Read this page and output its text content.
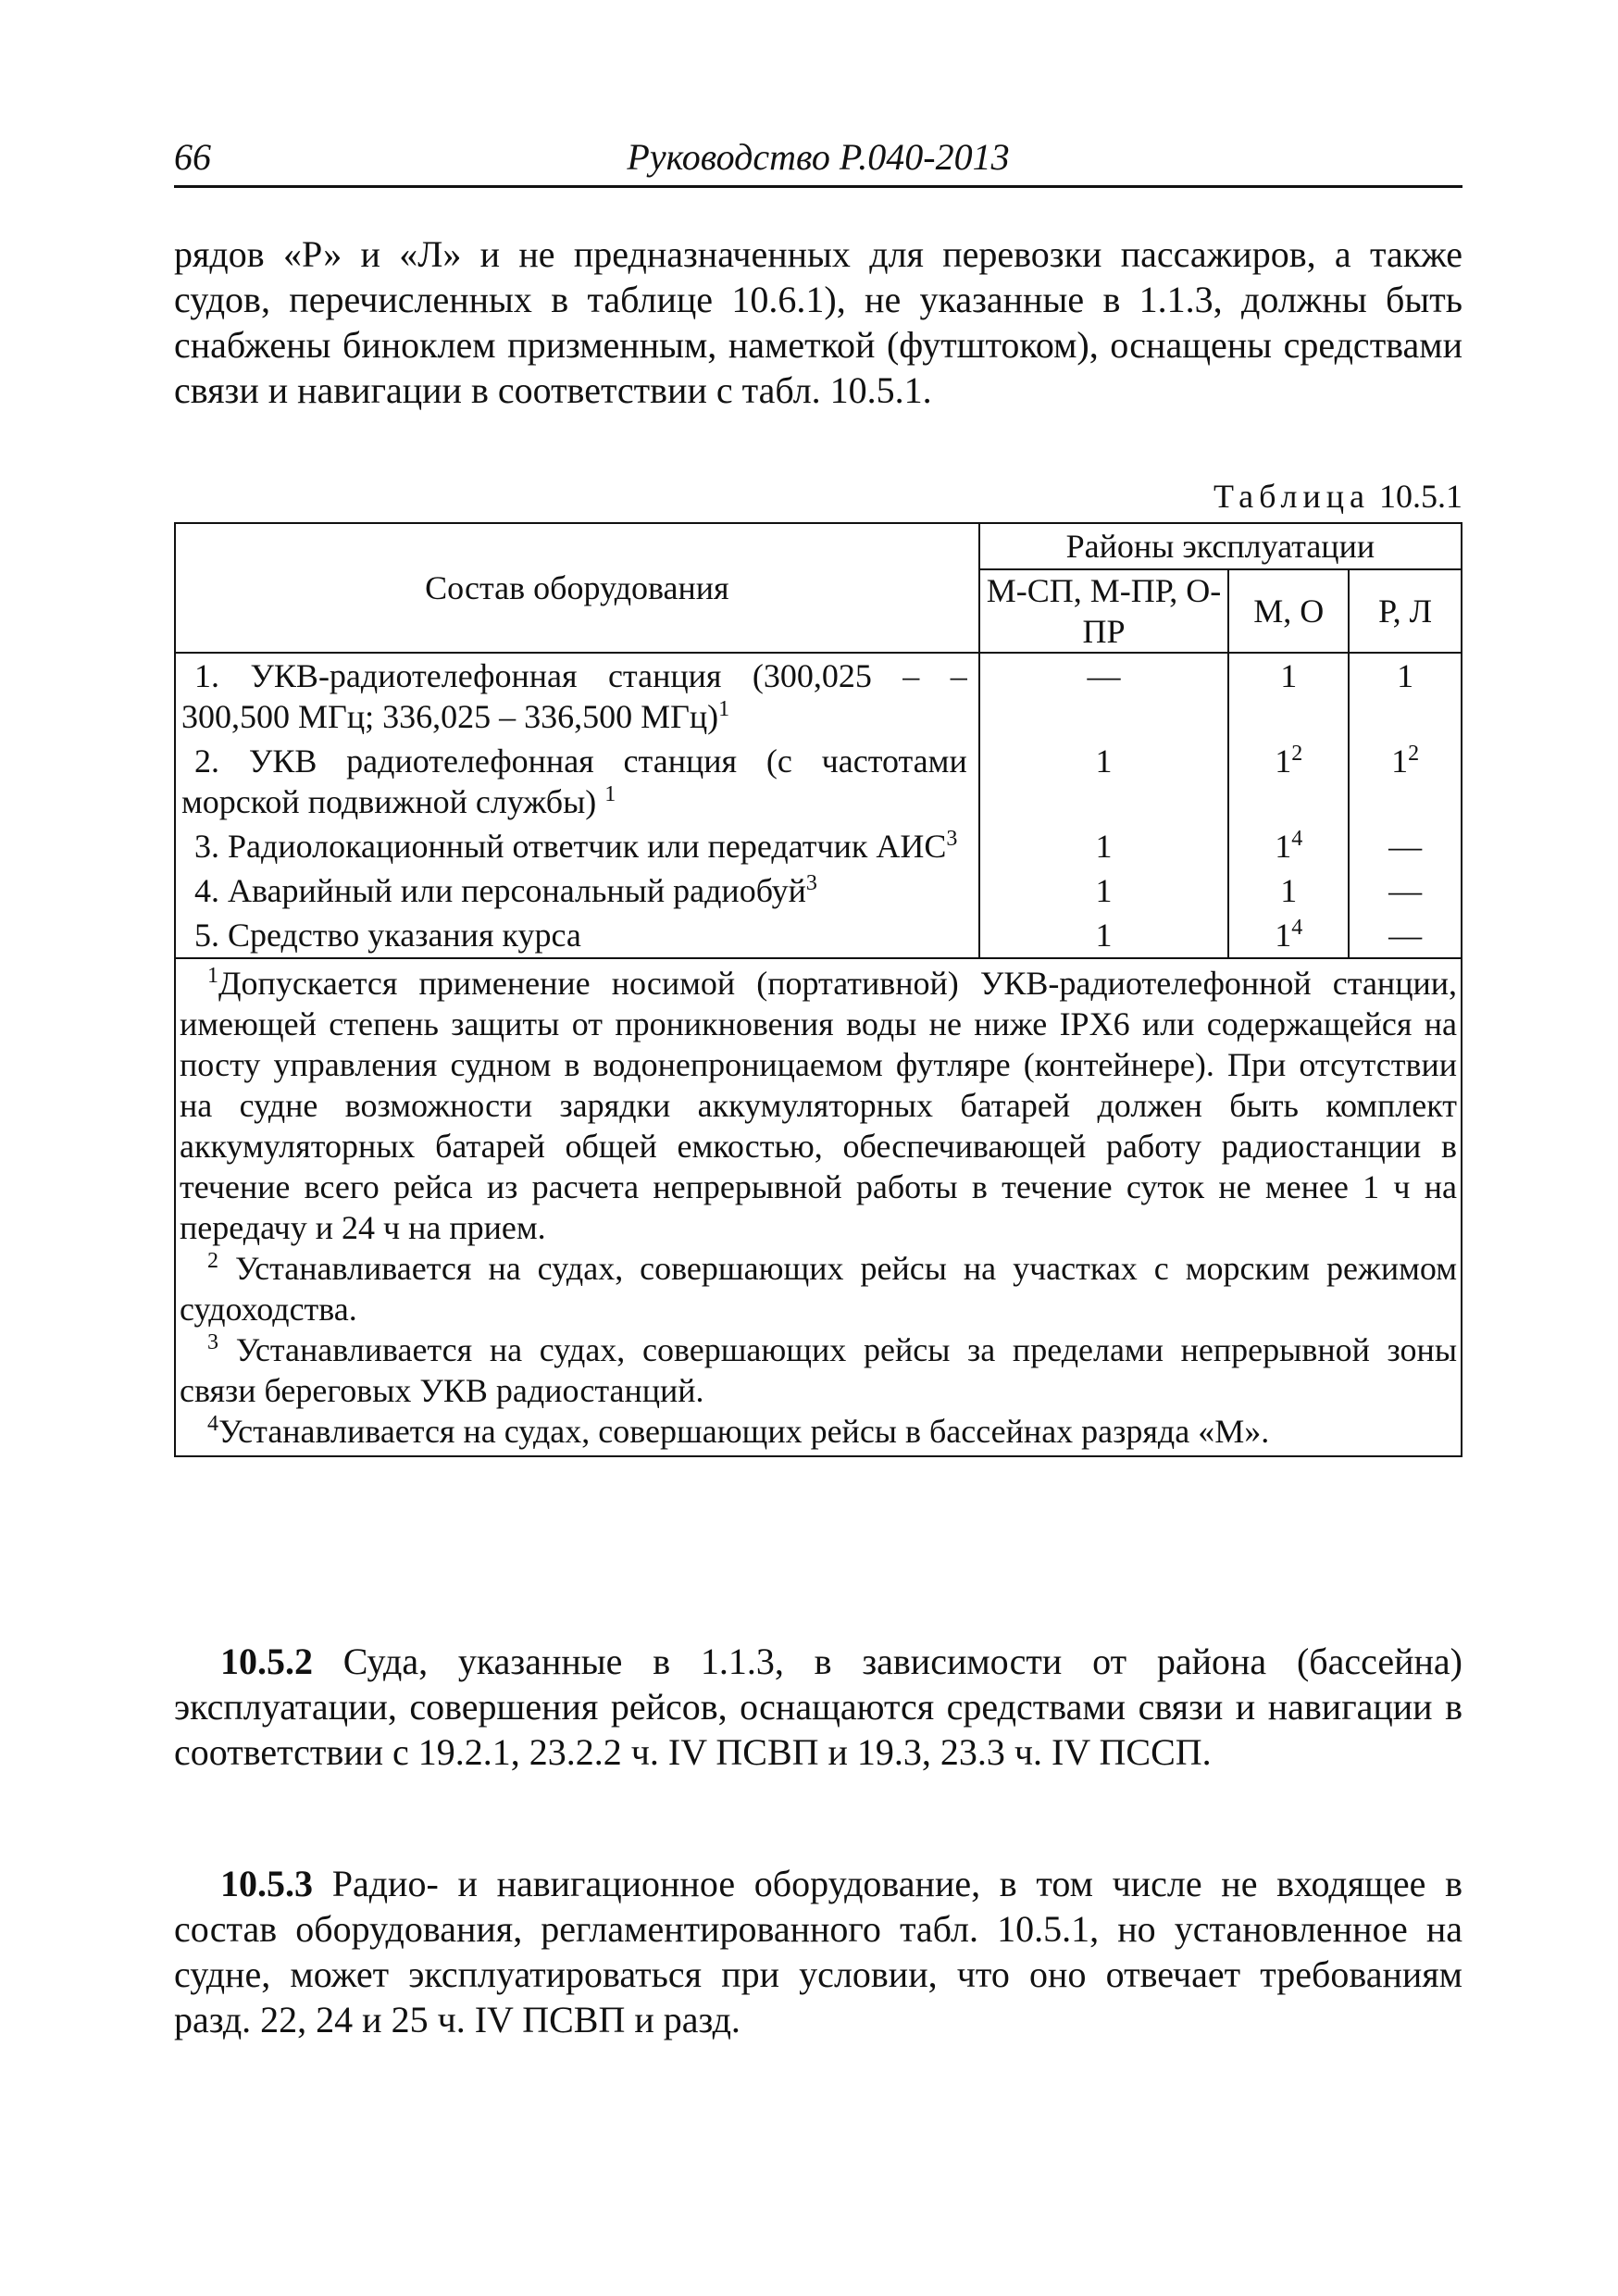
66	Руководство Р.040-2013

рядов «Р» и «Л» и не предназначенных для перевозки пассажиров, а также судов, перечисленных в таблице 10.6.1), не указанные в 1.1.3, должны быть снабжены биноклем призменным, наметкой (футштоком), оснащены средствами связи и навигации в соответствии с табл. 10.5.1.

Таблица 10.5.1
Состав оборудования	Районы эксплуатации		
	М-СП, М-ПР, О-ПР	М, О	Р, Л
1. УКВ-радиотелефонная станция (300,025 – – 300,500 МГц; 336,025 – 336,500 МГц)$^1$	—	1	1
2. УКВ радиотелефонная станция (с частотами морской подвижной службы) $^1$	1	$1^2$	$1^2$
3. Радиолокационный ответчик или передатчик АИС$^3$	1	$1^4$	—
4. Аварийный или персональный радиобуй$^3$	1	1	—
5. Средство указания курса	1	$1^4$	—

$^1$Допускается применение носимой (портативной) УКВ-радиотелефонной станции, имеющей степень защиты от проникновения воды не ниже IPX6 или содержащейся на посту управления судном в водонепроницаемом футляре (контейнере). При отсутствии на судне возможности зарядки аккумуляторных батарей должен быть комплект аккумуляторных батарей общей емкостью, обеспечивающей работу радиостанции в течение всего рейса из расчета непрерывной работы в течение суток не менее 1 ч на передачу и 24 ч на прием.
$^2$ Устанавливается на судах, совершающих рейсы на участках с морским режимом судоходства.
$^3$ Устанавливается на судах, совершающих рейсы за пределами непрерывной зоны связи береговых УКВ радиостанций.
$^4$Устанавливается на судах, совершающих рейсы в бассейнах разряда «М».			

10.5.2 Суда, указанные в 1.1.3, в зависимости от района (бассейна) эксплуатации, совершения рейсов, оснащаются средствами связи и навигации в соответствии с 19.2.1, 23.2.2 ч. IV ПСВП и 19.3, 23.3 ч. IV ПССП.

10.5.3 Радио- и навигационное оборудование, в том числе не входящее в состав оборудования, регламентированного табл. 10.5.1, но установленное на судне, может эксплуатироваться при условии, что оно отвечает требованиям разд. 22, 24 и 25 ч. IV ПСВП и разд.
